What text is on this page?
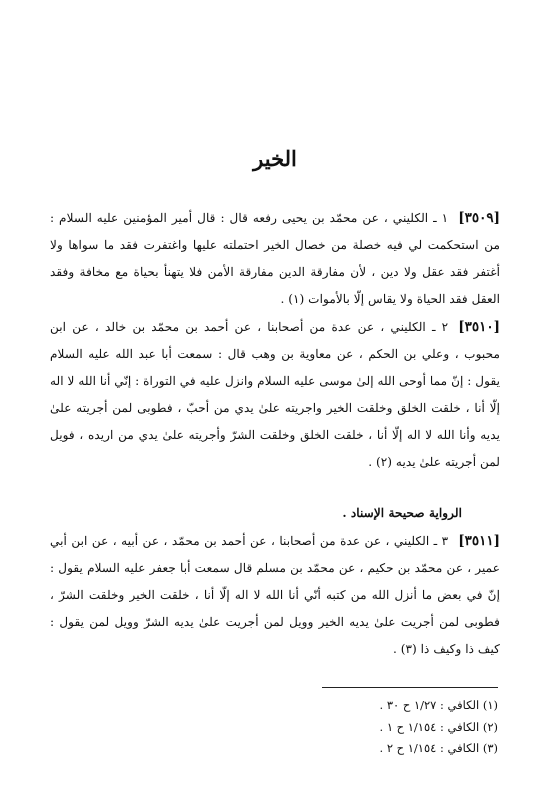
الخير

[٣٥٠٩]١ ـ الكليني ، عن محمّد بن يحيى رفعه قال : قال أمير المؤمنين عليه السلام : من استحكمت لي فيه خصلة من خصال الخير احتملته عليها واغتفرت فقد ما سواها ولا أغتفر فقد عقل ولا دين ، لأن مفارقة الدين مفارقة الأمن فلا يتهنأ بحياة مع مخافة وفقد العقل فقد الحياة ولا يقاس إلّا بالأموات (١) .

[٣٥١٠]٢ ـ الكليني ، عن عدة من أصحابنا ، عن أحمد بن محمّد بن خالد ، عن ابن محبوب ، وعلي بن الحكم ، عن معاوية بن وهب قال : سمعت أبا عبد الله عليه السلام يقول : إنّ مما أوحى الله إلىٰ موسى عليه السلام وانزل عليه في التوراة : إنّي أنا الله لا اله إلّا أنا ، خلقت الخلق وخلقت الخير واجريته علىٰ يدي من أحبّ ، فطوبى لمن أجريته علىٰ يديه وأنا الله لا اله إلّا أنا ، خلقت الخلق وخلقت الشرّ وأجريته علىٰ يدي من اريده ، فويل لمن أجريته علىٰ يديه (٢) .

الرواية صحيحة الإسناد .

[٣٥١١]٣ ـ الكليني ، عن عدة من أصحابنا ، عن أحمد بن محمّد ، عن أبيه ، عن ابن أبي عمير ، عن محمّد بن حكيم ، عن محمّد بن مسلم قال سمعت أبا جعفر عليه السلام يقول : إنّ في بعض ما أنزل الله من كتبه أنّي أنا الله لا اله إلّا أنا ، خلقت الخير وخلقت الشرّ ، فطوبى لمن أجريت علىٰ يديه الخير وويل لمن أجريت علىٰ يديه الشرّ وويل لمن يقول : كيف ذا وكيف ذا (٣) .

(١) الكافي : ١/٢٧ ح ٣٠ .
(٢) الكافي : ١/١٥٤ ح ١ .
(٣) الكافي : ١/١٥٤ ح ٢ .
